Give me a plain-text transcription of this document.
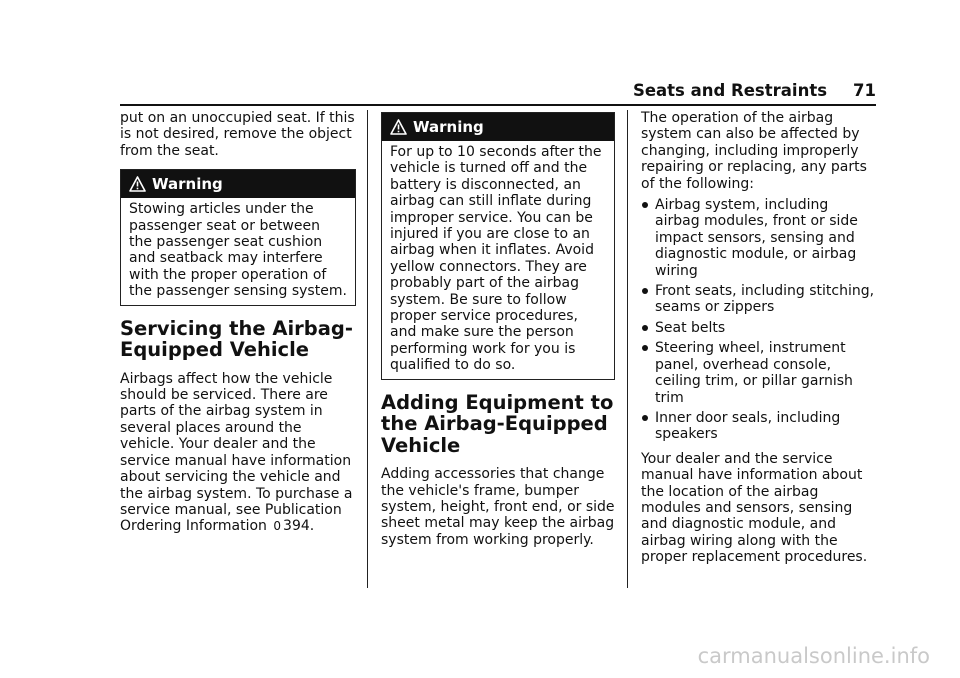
Seats and Restraints 71

put on an unoccupied seat. If this is not desired, remove the object from the seat.

Warning

Stowing articles under the passenger seat or between the passenger seat cushion and seatback may interfere with the proper operation of the passenger sensing system.

Servicing the Airbag-Equipped Vehicle

Airbags affect how the vehicle should be serviced. There are parts of the airbag system in several places around the vehicle. Your dealer and the service manual have information about servicing the vehicle and the airbag system. To purchase a service manual, see Publication Ordering Information 0 394.

Warning

For up to 10 seconds after the vehicle is turned off and the battery is disconnected, an airbag can still inflate during improper service. You can be injured if you are close to an airbag when it inflates. Avoid yellow connectors. They are probably part of the airbag system. Be sure to follow proper service procedures, and make sure the person performing work for you is qualified to do so.

Adding Equipment to the Airbag-Equipped Vehicle

Adding accessories that change the vehicle's frame, bumper system, height, front end, or side sheet metal may keep the airbag system from working properly.

The operation of the airbag system can also be affected by changing, including improperly repairing or replacing, any parts of the following:

Airbag system, including airbag modules, front or side impact sensors, sensing and diagnostic module, or airbag wiring
Front seats, including stitching, seams or zippers
Seat belts
Steering wheel, instrument panel, overhead console, ceiling trim, or pillar garnish trim
Inner door seals, including speakers

Your dealer and the service manual have information about the location of the airbag modules and sensors, sensing and diagnostic module, and airbag wiring along with the proper replacement procedures.

carmanualsonline.info
